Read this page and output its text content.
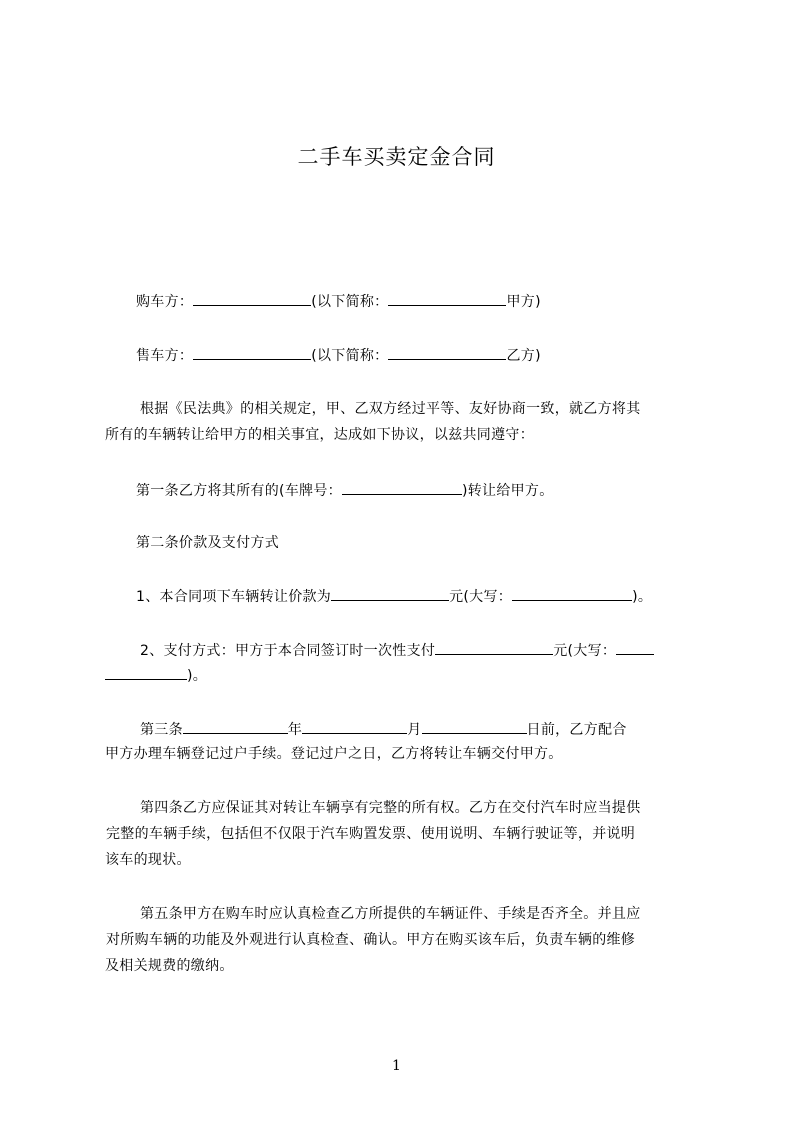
二手车买卖定金合同
购车方：	(以下简称：	甲方)
售车方：	(以下简称：	乙方)
根据《民法典》的相关规定，甲、乙双方经过平等、友好协商一致，就乙方将其
所有的车辆转让给甲方的相关事宜，达成如下协议，以兹共同遵守：
第一条乙方将其所有的(车牌号：	)转让给甲方。
第二条价款及支付方式
1、本合同项下车辆转让价款为	元(大写：	)。
2、支付方式：甲方于本合同签订时一次性支付	元(大写：
)。
第三条	年	月	日前，乙方配合
甲方办理车辆登记过户手续。登记过户之日，乙方将转让车辆交付甲方。
第四条乙方应保证其对转让车辆享有完整的所有权。乙方在交付汽车时应当提供
完整的车辆手续，包括但不仅限于汽车购置发票、使用说明、车辆行驶证等，并说明
该车的现状。
第五条甲方在购车时应认真检查乙方所提供的车辆证件、手续是否齐全。并且应
对所购车辆的功能及外观进行认真检查、确认。甲方在购买该车后，负责车辆的维修
及相关规费的缴纳。
1
